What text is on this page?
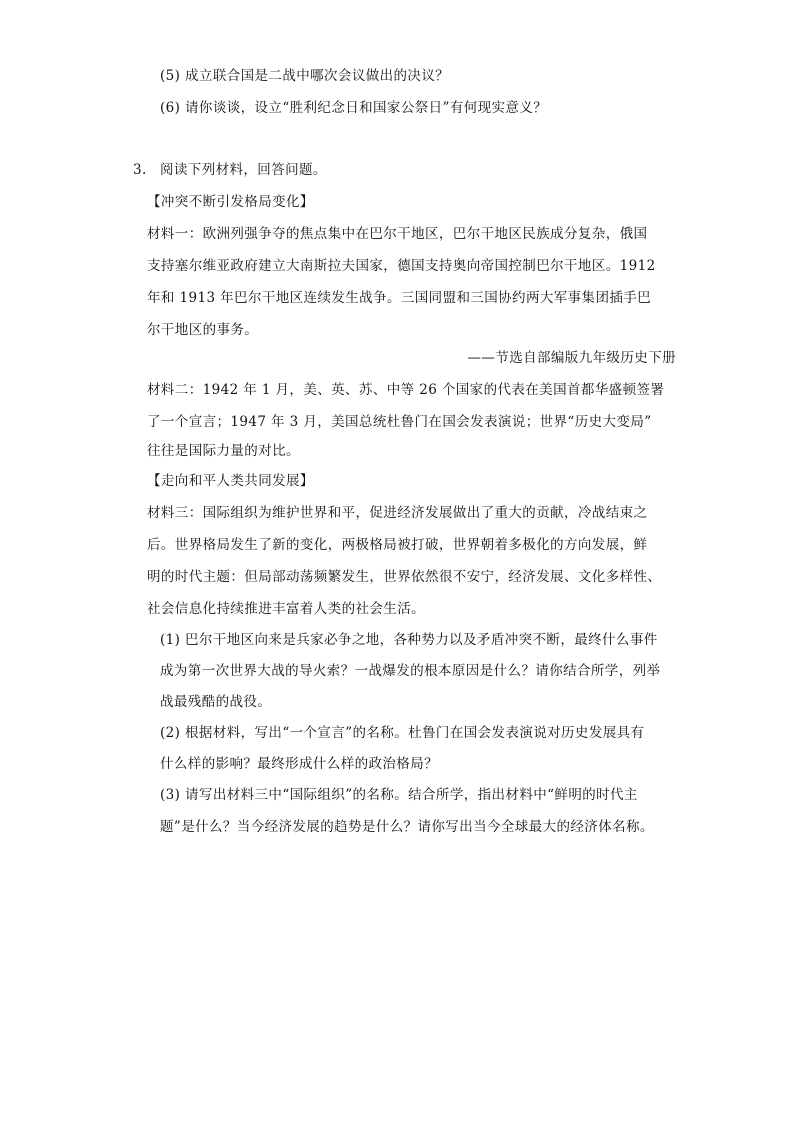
(5) 成立联合国是二战中哪次会议做出的决议？
(6) 请你谈谈，设立“胜利纪念日和国家公祭日”有何现实意义？
3. 阅读下列材料，回答问题。
【冲突不断引发格局变化】
材料一：欧洲列强争夺的焦点集中在巴尔干地区，巴尔干地区民族成分复杂，俄国
支持塞尔维亚政府建立大南斯拉夫国家，德国支持奥向帝国控制巴尔干地区。1912
年和 1913 年巴尔干地区连续发生战争。三国同盟和三国协约两大军事集团插手巴
尔干地区的事务。
——节选自部编版九年级历史下册
材料二：1942 年 1 月，美、英、苏、中等 26 个国家的代表在美国首都华盛顿签署
了一个宣言；1947 年 3 月，美国总统杜鲁门在国会发表演说；世界“历史大变局”
往往是国际力量的对比。
【走向和平人类共同发展】
材料三：国际组织为维护世界和平，促进经济发展做出了重大的贡献，冷战结束之
后。世界格局发生了新的变化，两极格局被打破，世界朝着多极化的方向发展，鲜
明的时代主题：但局部动荡频繁发生，世界依然很不安宁，经济发展、文化多样性、
社会信息化持续推进丰富着人类的社会生活。
(1) 巴尔干地区向来是兵家必争之地，各种势力以及矛盾冲突不断，最终什么事件
成为第一次世界大战的导火索？一战爆发的根本原因是什么？请你结合所学，列举
战最残酷的战役。
(2) 根据材料，写出“一个宣言”的名称。杜鲁门在国会发表演说对历史发展具有
什么样的影响？最终形成什么样的政治格局？
(3) 请写出材料三中“国际组织”的名称。结合所学，指出材料中“鲜明的时代主
题”是什么？当今经济发展的趋势是什么？请你写出当今全球最大的经济体名称。
